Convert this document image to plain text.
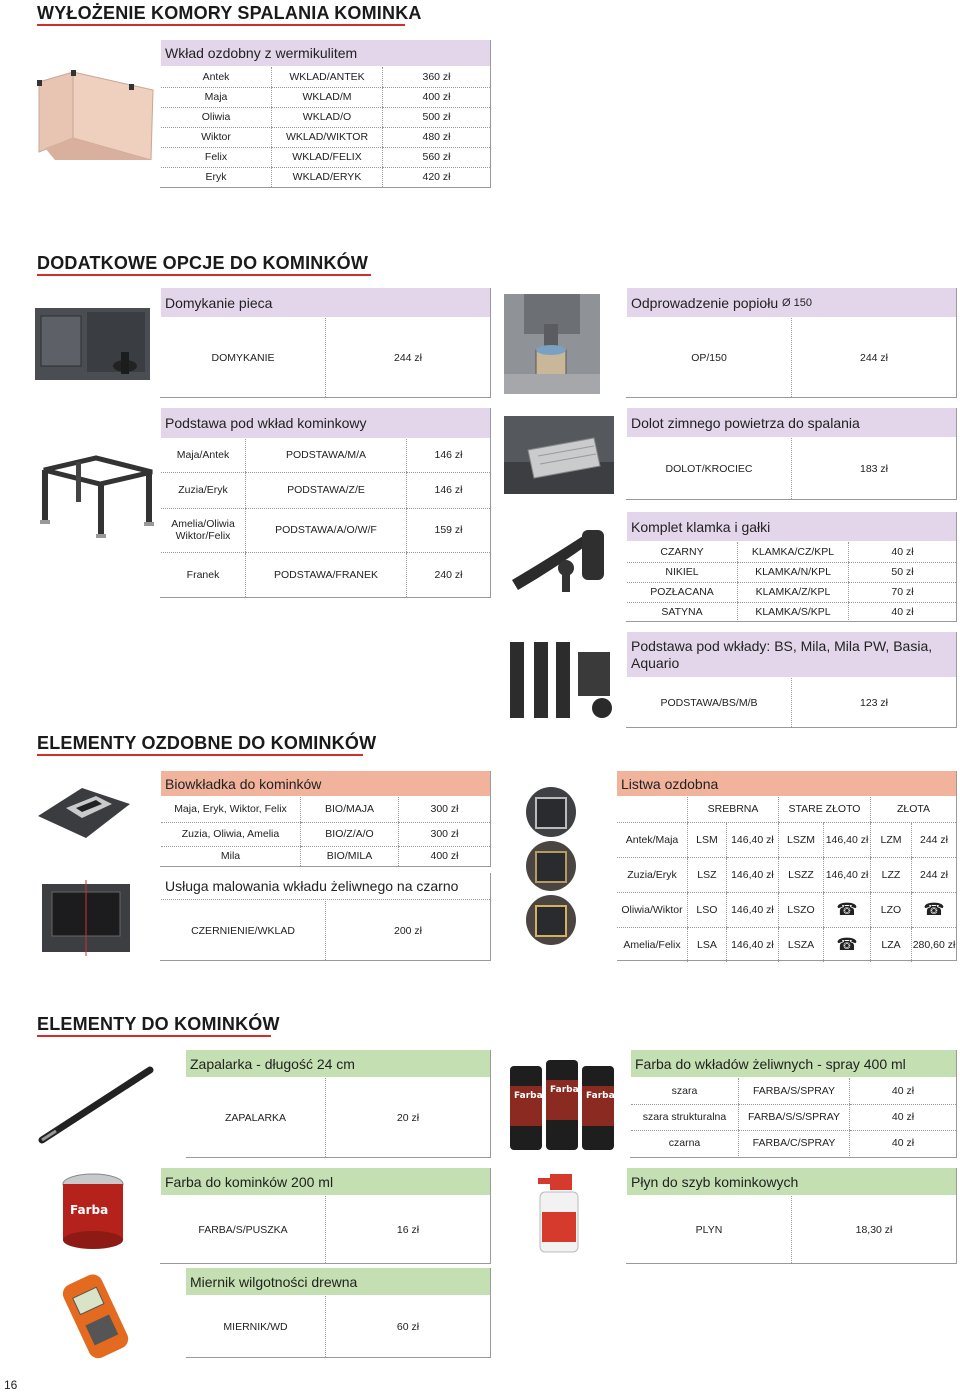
WYŁOŻENIE KOMORY SPALANIA KOMINKA
Wkład ozdobny z wermikulitem
Antek	WKLAD/ANTEK	360 zł
Maja	WKLAD/M	400 zł
Oliwia	WKLAD/O	500 zł
Wiktor	WKLAD/WIKTOR	480 zł
Felix	WKLAD/FELIX	560 zł
Eryk	WKLAD/ERYK	420 zł
DODATKOWE OPCJE DO KOMINKÓW
Domykanie pieca
DOMYKANIE	244 zł
Odprowadzenie popiołu
Ø 150
OP/150	244 zł
Podstawa pod wkład kominkowy
Maja/Antek	PODSTAWA/M/A	146 zł
Zuzia/Eryk	PODSTAWA/Z/E	146 zł
Amelia/Oliwia
Wiktor/Felix	PODSTAWA/A/O/W/F	159 zł
Franek	PODSTAWA/FRANEK	240 zł
Dolot zimnego powietrza do spalania
DOLOT/KROCIEC	183 zł
Komplet klamka i gałki
CZARNY	KLAMKA/CZ/KPL	40 zł
NIKIEL	KLAMKA/N/KPL	50 zł
POZŁACANA	KLAMKA/Z/KPL	70 zł
SATYNA	KLAMKA/S/KPL	40 zł
Podstawa pod wkłady: BS, Mila, Mila PW, Basia, Aquario
PODSTAWA/BS/M/B	123 zł
ELEMENTY OZDOBNE DO KOMINKÓW
Biowkładka do kominków
Maja, Eryk, Wiktor, Felix	BIO/MAJA	300 zł
Zuzia, Oliwia, Amelia	BIO/Z/A/O	300 zł
Mila	BIO/MILA	400 zł
Usługa malowania wkładu żeliwnego na czarno
CZERNIENIE/WKLAD	200 zł
Listwa ozdobna
	SREBRNA		STARE ZŁOTO		ZŁOTA	
Antek/Maja	LSM	146,40 zł	LSZM	146,40 zł	LZM	244 zł
Zuzia/Eryk	LSZ	146,40 zł	LSZZ	146,40 zł	LZZ	244 zł
Oliwia/Wiktor	LSO	146,40 zł	LSZO	☎	LZO	☎
Amelia/Felix	LSA	146,40 zł	LSZA	☎	LZA	280,60 zł
ELEMENTY DO KOMINKÓW
Zapalarka - długość 24 cm
ZAPALARKA	20 zł
Farba
Farba
Farba
Farba do wkładów żeliwnych - spray 400 ml
szara	FARBA/S/SPRAY	40 zł
szara strukturalna	FARBA/S/S/SPRAY	40 zł
czarna	FARBA/C/SPRAY	40 zł
Farba
Farba do kominków 200 ml
FARBA/S/PUSZKA	16 zł
Płyn do szyb kominkowych
PLYN	18,30 zł
Miernik wilgotności drewna
MIERNIK/WD	60 zł
16
